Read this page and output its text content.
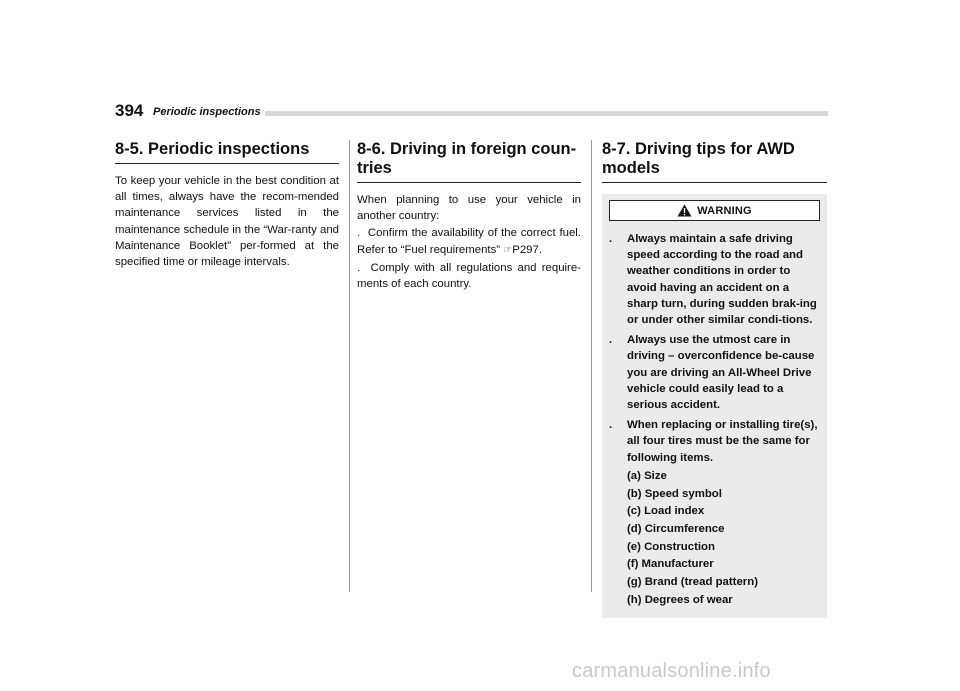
394 Periodic inspections
8-5. Periodic inspections

To keep your vehicle in the best condition at all times, always have the recom-mended maintenance services listed in the maintenance schedule in the “War-ranty and Maintenance Booklet” per-formed at the specified time or mileage intervals.

8-6. Driving in foreign coun-tries

When planning to use your vehicle in another country:

. Confirm the availability of the correct fuel. Refer to “Fuel requirements” ☞P297.

. Comply with all regulations and require-ments of each country.

8-7. Driving tips for AWD models
WARNING
. Always maintain a safe driving speed according to the road and weather conditions in order to avoid having an accident on a sharp turn, during sudden brak-ing or under other similar condi-tions.
. Always use the utmost care in driving – overconfidence be-cause you are driving an All-Wheel Drive vehicle could easily lead to a serious accident.
. When replacing or installing tire(s), all four tires must be the same for following items.
(a) Size
(b) Speed symbol
(c) Load index
(d) Circumference
(e) Construction
(f) Manufacturer
(g) Brand (tread pattern)
(h) Degrees of wear
carmanualsonline.info
